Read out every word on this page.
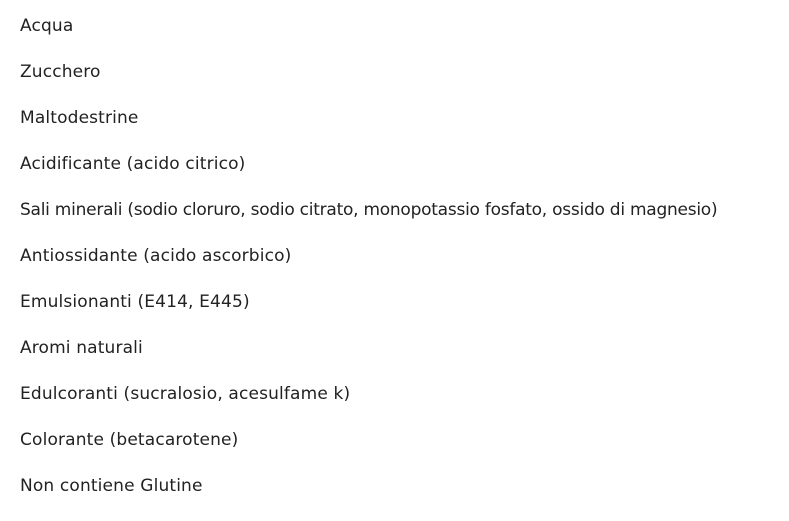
Acqua
Zucchero
Maltodestrine
Acidificante (acido citrico)
Sali minerali (sodio cloruro, sodio citrato, monopotassio fosfato, ossido di magnesio)
Antiossidante (acido ascorbico)
Emulsionanti (E414, E445)
Aromi naturali
Edulcoranti (sucralosio, acesulfame k)
Colorante (betacarotene)
Non contiene Glutine
